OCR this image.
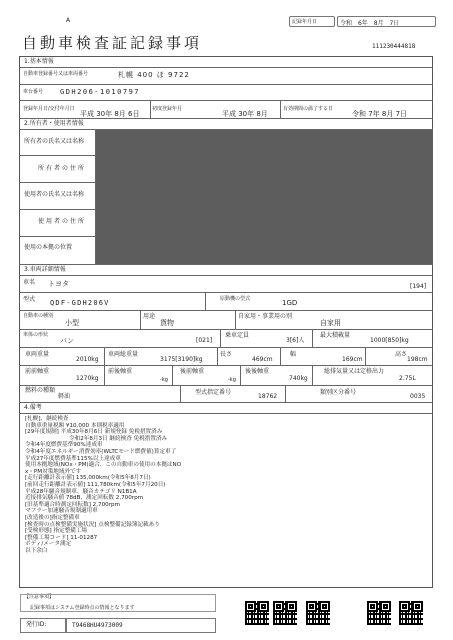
A
自動車検査証記録事項
記録年月日	令和 6年 8月 7日
111230444818
1.基本情報
自動車登録番号又は車両番号	札幌 400 ほ 9722
車台番号 GDH206-1010797
登録年月日/交付年月日
平成 30年 8月 6日
初度登録年月
平成 30年 8月
有効期間の満了する日
令和 7年 8月 7日
2.所有者・使用者情報
所有者の氏名又は名称
所有者の住所
使用者の氏名又は名称
使用者の住所
使用の本拠の位置
3.車両詳細情報
車名 トヨタ	[194]
型式 QDF-GDH206V	原動機の型式	1GD
自動車の種別
小型
用途
貨物
自家用・事業用の別
自家用
車体の形状
バン	[021]
乗車定員
3[6]人
最大積載量
1000[850]kg
車両重量
2010kg
車両総重量
3175[3190]kg
長さ
469cm
幅
169cm
高さ
198cm
前前軸重
1270kg
前後軸重
-kg
後前軸重
-kg
後後軸重
740kg
総排気量又は定格出力
2.75L
燃料の種類
軽油
型式指定番号
18762
類別区分番号
0035
4.備考
[札幌]、継続検査
自動車重量税額 ¥10,000 本則税率適用
[29年度規制] 平成30年8月6日 新規登録 免税措置済み
令和2年8月3日 継続検査 免税措置済み
令和4年度燃費基準90%達成車
令和4年度エネルギー消費効率(WLTCモード燃費値)算定車了
平成27年度燃費基準115%以上達成車
使用本拠地域(NOx・PM)適合、この自動車の使用の本拠はNO
x・PM対策地域外です
[走行距離計表示値] 135,000km(令和5年8月7日)
[前回走行距離計表示値] 111,780km(令和5年7月20日)
平成28年騒音規制車、騒音カテゴリ N1B1A
近接排気騒音値 78dB、測定回転数 2,700rpm
[旧基準適合時測定回転数] 2,700rpm
マフラー加速騒音規制適用車
[改造後の]指定整備車
[検査時の点検整備実施状況] 点検整備記録簿記載あり
[受検形態] 指定整備工場
[整備工場コード] 11-01287
ボディ/メータ測定
以下余白
【注意事項】
記録事項はシステム登録時点の情報となります
発行ID:	T9468HU4973009
